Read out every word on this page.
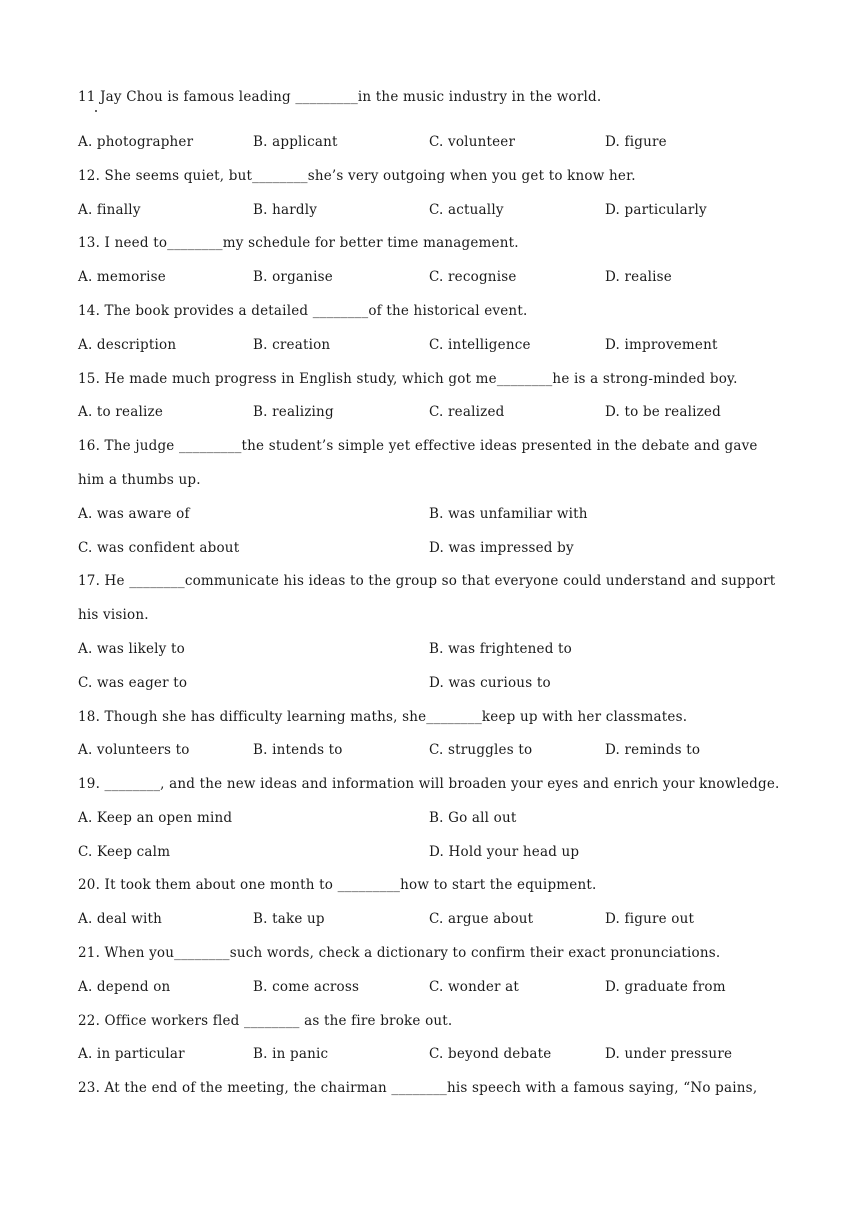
11 Jay Chou is famous leading _________in the music industry in the world.
A. photographer	B. applicant	C. volunteer	D. figure
12. She seems quiet, but________she’s very outgoing when you get to know her.
A. finally	B. hardly	C. actually	D. particularly
13. I need to________my schedule for better time management.
A. memorise	B. organise	C. recognise	D. realise
14. The book provides a detailed ________of the historical event.
A. description	B. creation	C. intelligence	D. improvement
15. He made much progress in English study, which got me________he is a strong-minded boy.
A. to realize	B. realizing	C. realized	D. to be realized
16. The judge _________the student’s simple yet effective ideas presented in the debate and gave
him a thumbs up.
A. was aware of	B. was unfamiliar with
C. was confident about	D. was impressed by
17. He ________communicate his ideas to the group so that everyone could understand and support
his vision.
A. was likely to	B. was frightened to
C. was eager to	D. was curious to
18. Though she has difficulty learning maths, she________keep up with her classmates.
A. volunteers to	B. intends to	C. struggles to	D. reminds to
19. ________, and the new ideas and information will broaden your eyes and enrich your knowledge.
A. Keep an open mind	B. Go all out
C. Keep calm	D. Hold your head up
20. It took them about one month to _________how to start the equipment.
A. deal with	B. take up	C. argue about	D. figure out
21. When you________such words, check a dictionary to confirm their exact pronunciations.
A. depend on	B. come across	C. wonder at	D. graduate from
22. Office workers fled ________ as the fire broke out.
A. in particular	B. in panic	C. beyond debate	D. under pressure
23. At the end of the meeting, the chairman ________his speech with a famous saying, “No pains,
